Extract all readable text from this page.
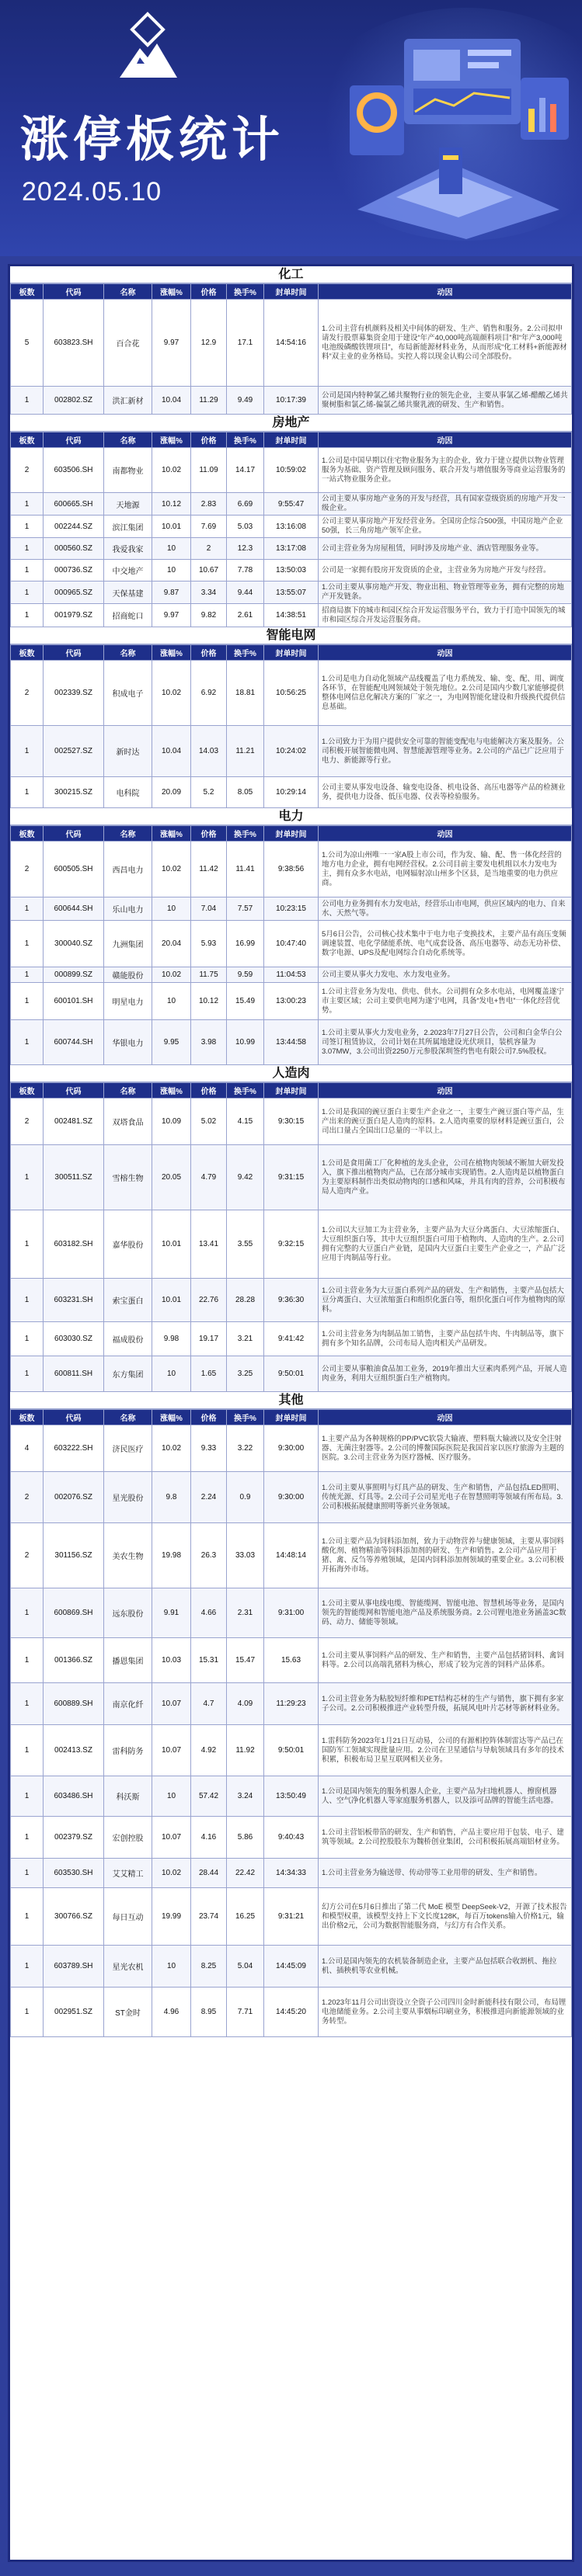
涨停板统计
2024.05.10
化工
板数	代码	名称	涨幅%	价格	换手%	封单时间	动因
5	603823.SH	百合花	9.97	12.9	17.1	14:54:16	1.公司主营有机颜料及相关中间体的研发、生产、销售和服务。2.公司拟申请发行股票募集资金用于建设“年产40,000吨高端颜料项目”和“年产3,000吨电池级磷酸铁锂项目”，布局新能源材料业务，从而形成“化工材料+新能源材料”双主业的业务格局。实控人将以现金认购公司全部股份。
1	002802.SZ	洪汇新材	10.04	11.29	9.49	10:17:39	公司是国内特种氯乙烯共聚物行业的领先企业，主要从事氯乙烯-醋酸乙烯共聚树脂和氯乙烯-偏氯乙烯共聚乳液的研发、生产和销售。
房地产
板数	代码	名称	涨幅%	价格	换手%	封单时间	动因
2	603506.SH	南都物业	10.02	11.09	14.17	10:59:02	1.公司是中国早期以住宅物业服务为主的企业，致力于建立提供以物业管理服务为基础、资产管理及顾问服务、联合开发与增值服务等商业运营服务的一站式物业服务企业。
1	600665.SH	天地源	10.12	2.83	6.69	9:55:47	公司主要从事房地产业务的开发与经营，具有国家壹级资质的房地产开发一级企业。
1	002244.SZ	滨江集团	10.01	7.69	5.03	13:16:08	公司主要从事房地产开发经营业务。全国房企综合500强，中国房地产企业50强，长三角房地产领军企业。
1	000560.SZ	我爱我家	10	2	12.3	13:17:08	公司主营业务为房屋租赁，同时涉及房地产业、酒店管理服务业等。
1	000736.SZ	中交地产	10	10.67	7.78	13:50:03	公司是一家拥有股房开发资质的企业，主营业务为房地产开发与经营。
1	000965.SZ	天保基建	9.87	3.34	9.44	13:55:07	1.公司主要从事房地产开发、物业出租、物业管理等业务，拥有完整的房地产开发链条。
1	001979.SZ	招商蛇口	9.97	9.82	2.61	14:38:51	招商局旗下的城市和园区综合开发运营服务平台，致力于打造中国领先的城市和园区综合开发运营服务商。
智能电网
板数	代码	名称	涨幅%	价格	换手%	封单时间	动因
2	002339.SZ	积成电子	10.02	6.92	18.81	10:56:25	1.公司是电力自动化领域产品线覆盖了电力系统发、输、变、配、用、调度各环节，在智能配电网领域处于领先地位。2.公司是国内少数几家能够提供整体电网信息化解决方案的厂家之一，为电网智能化建设和升级换代提供信息基础。
1	002527.SZ	新时达	10.04	14.03	11.21	10:24:02	1.公司致力于为用户提供安全可靠的智能变配电与电能解决方案及服务。公司积极开展智能微电网、智慧能源管理等业务。2.公司的产品已广泛应用于电力、新能源等行业。
1	300215.SZ	电科院	20.09	5.2	8.05	10:29:14	公司主要从事发电设备、输变电设备、机电设备、高压电器等产品的检测业务，提供电力设备、低压电器、仪表等检验服务。
电力
板数	代码	名称	涨幅%	价格	换手%	封单时间	动因
2	600505.SH	西昌电力	10.02	11.42	11.41	9:38:56	1.公司为凉山州唯一一家A股上市公司，作为发、输、配、售一体化经营的地方电力企业，拥有电网经营权。2.公司目前主要发电机组以水力发电为主，拥有众多水电站，电网辐射凉山州多个区县，是当地重要的电力供应商。
1	600644.SH	乐山电力	10	7.04	7.57	10:23:15	公司电力业务拥有水力发电站，经营乐山市电网，供应区域内的电力、自来水、天然气等。
1	300040.SZ	九洲集团	20.04	5.93	16.99	10:47:40	5月6日公告，公司核心技术集中于电力电子变换技术，主要产品有高压变频调速装置、电化学储能系统、电气成套设备、高压电器等、动态无功补偿、数字电源、UPS及配电网综合自动化系统等。
1	000899.SZ	赣能股份	10.02	11.75	9.59	11:04:53	公司主要从事火力发电、水力发电业务。
1	600101.SH	明星电力	10	10.12	15.49	13:00:23	1.公司主营业务为发电、供电、供水。公司拥有众多水电站，电网覆盖遂宁市主要区域；公司主要供电网为遂宁电网，具备“发电+售电”一体化经营优势。
1	600744.SH	华银电力	9.95	3.98	10.99	13:44:58	1.公司主要从事火力发电业务，2.2023年7月27日公告，公司和白金华白公司签订租赁协议，公司计划在其所属地建设光伏项目，装机容量为3.07MW，3.公司出资2250万元参股深圳签约售电有限公司7.5%股权。
人造肉
板数	代码	名称	涨幅%	价格	换手%	封单时间	动因
2	002481.SZ	双塔食品	10.09	5.02	4.15	9:30:15	1.公司是我国的豌豆蛋白主要生产企业之一，主要生产豌豆蛋白等产品，生产出来的豌豆蛋白是人造肉的原料。2.人造肉重要的原材料是豌豆蛋白，公司出口量占全国出口总量的一半以上。
1	300511.SZ	雪榕生物	20.05	4.79	9.42	9:31:15	1.公司是食用菌工厂化种植的龙头企业，公司在植物肉领域不断加大研发投入，旗下推出植物肉产品，已在部分城市实现销售。2.人造肉是以植物蛋白为主要原料制作出类似动物肉的口感和风味，并具有肉的营养，公司积极布局人造肉产业。
1	603182.SH	嘉华股份	10.01	13.41	3.55	9:32:15	1.公司以大豆加工为主营业务，主要产品为大豆分离蛋白、大豆浓缩蛋白、大豆组织蛋白等，其中大豆组织蛋白可用于植物肉、人造肉的生产。2.公司拥有完整的大豆蛋白产业链，是国内大豆蛋白主要生产企业之一，产品广泛应用于肉制品等行业。
1	603231.SH	索宝蛋白	10.01	22.76	28.28	9:36:30	1.公司主营业务为大豆蛋白系列产品的研发、生产和销售，主要产品包括大豆分离蛋白、大豆浓缩蛋白和组织化蛋白等，组织化蛋白可作为植物肉的原料。
1	603030.SZ	福成股份	9.98	19.17	3.21	9:41:42	1.公司主营业务为肉制品加工销售，主要产品包括牛肉、牛肉制品等，旗下拥有多个知名品牌，公司布局人造肉相关产品研发。
1	600811.SH	东方集团	10	1.65	3.25	9:50:01	公司主要从事粮油食品加工业务，2019年推出大豆素肉系列产品，开展人造肉业务，利用大豆组织蛋白生产植物肉。
其他
板数	代码	名称	涨幅%	价格	换手%	封单时间	动因
4	603222.SH	济民医疗	10.02	9.33	3.22	9:30:00	1.主要产品为各种规格的PP/PVC软袋大输液、塑料瓶大输液以及安全注射器、无菌注射器等。2.公司的博鳌国际医院是我国首家以医疗旅游为主题的医院。3.公司主营业务为医疗器械、医疗服务。
2	002076.SZ	星光股份	9.8	2.24	0.9	9:30:00	1.公司主要从事照明与灯具产品的研发、生产和销售，产品包括LED照明、传统光源、灯具等。2.公司子公司星光电子在智慧照明等领域有所布局。3.公司积极拓展健康照明等新兴业务领域。
2	301156.SZ	美农生物	19.98	26.3	33.03	14:48:14	1.公司主要产品为饲料添加剂，致力于动物营养与健康领域，主要从事饲料酸化剂、植物精油等饲料添加剂的研发、生产和销售。2.公司产品应用于猪、禽、反刍等养殖领域，是国内饲料添加剂领域的重要企业。3.公司积极开拓海外市场。
1	600869.SH	远东股份	9.91	4.66	2.31	9:31:00	1.公司主要从事电线电缆、智能缆网、智能电池、智慧机场等业务，是国内领先的智能缆网和智能电池产品及系统服务商。2.公司锂电池业务涵盖3C数码、动力、储能等领域。
1	001366.SZ	播恩集团	10.03	15.31	15.47	15.63	1.公司主要从事饲料产品的研发、生产和销售，主要产品包括猪饲料、禽饲料等。2.公司以高端乳猪料为核心，形成了较为完善的饲料产品体系。
1	600889.SH	南京化纤	10.07	4.7	4.09	11:29:23	1.公司主营业务为粘胶短纤维和PET结构芯材的生产与销售，旗下拥有多家子公司。2.公司积极推进产业转型升级，拓展风电叶片芯材等新材料业务。
1	002413.SZ	雷科防务	10.07	4.92	11.92	9:50:01	1.雷科防务2023年1月21日互动易，公司的有源相控阵体制雷达等产品已在国防军工领域实现批量应用。2.公司在卫星通信与导航领域具有多年的技术积累，积极布局卫星互联网相关业务。
1	603486.SH	科沃斯	10	57.42	3.24	13:50:49	1.公司是国内领先的服务机器人企业，主要产品为扫地机器人、擦窗机器人、空气净化机器人等家庭服务机器人，以及添可品牌的智能生活电器。
1	002379.SZ	宏创控股	10.07	4.16	5.86	9:40:43	1.公司主营铝板带箔的研发、生产和销售，产品主要应用于包装、电子、建筑等领域。2.公司控股股东为魏桥创业集团，公司积极拓展高端铝材业务。
1	603530.SH	艾艾精工	10.02	28.44	22.42	14:34:33	1.公司主营业务为输送带、传动带等工业用带的研发、生产和销售。
1	300766.SZ	每日互动	19.99	23.74	16.25	9:31:21	幻方公司在5月6日推出了第二代 MoE 模型 DeepSeek-V2，开源了技术报告和模型权重，该模型支持上下文长度128K，每百万tokens输入价格1元，输出价格2元，公司为数据智能服务商，与幻方有合作关系。
1	603789.SH	星光农机	10	8.25	5.04	14:45:09	1.公司是国内领先的农机装备制造企业，主要产品包括联合收割机、拖拉机、插秧机等农业机械。
1	002951.SZ	ST金时	4.96	8.95	7.71	14:45:20	1.2023年11月公司出资设立全资子公司四川金时新能科技有限公司，布局锂电池储能业务。2.公司主要从事烟标印刷业务，积极推进向新能源领域的业务转型。
